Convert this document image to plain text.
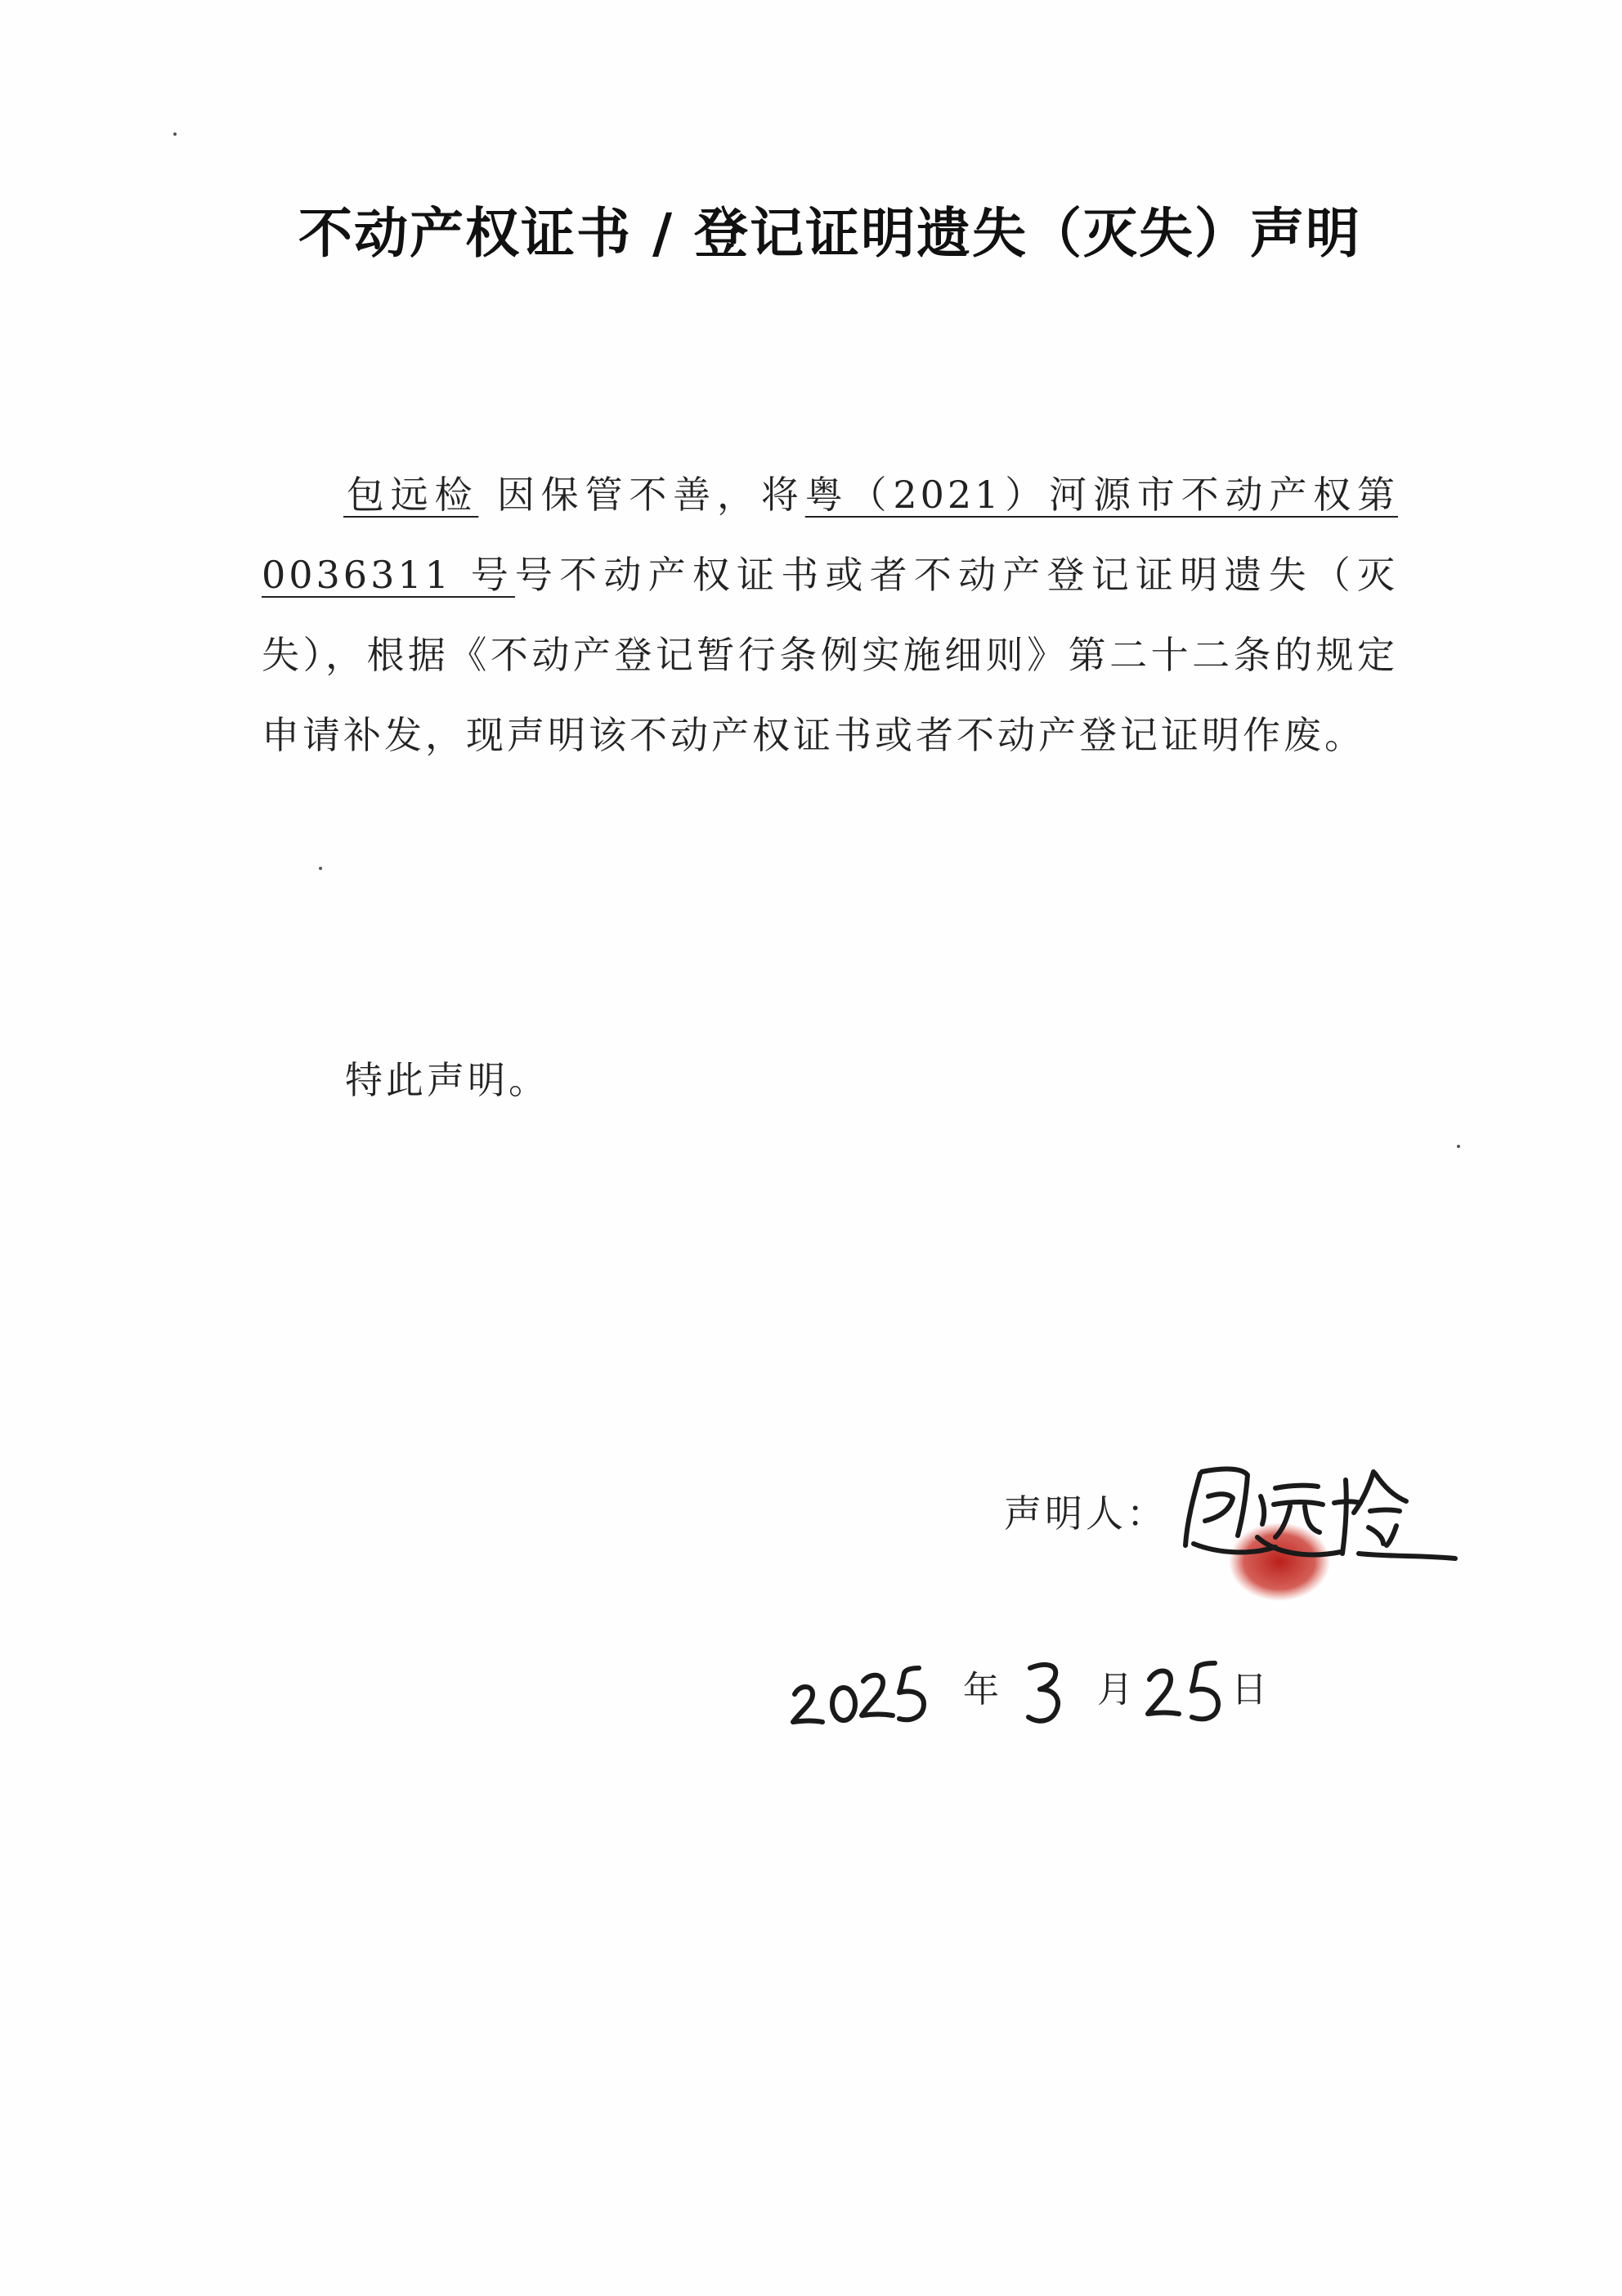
不动产权证书 / 登记证明遗失（灭失）声明
包远检 因保管不善，将粤（2021）河源市不动产权第0036311 号号不动产权证书或者不动产登记证明遗失（灭失），根据《不动产登记暂行条例实施细则》第二十二条的规定申请补发，现声明该不动产权证书或者不动产登记证明作废。
特此声明。
声明人：
年	月	日
